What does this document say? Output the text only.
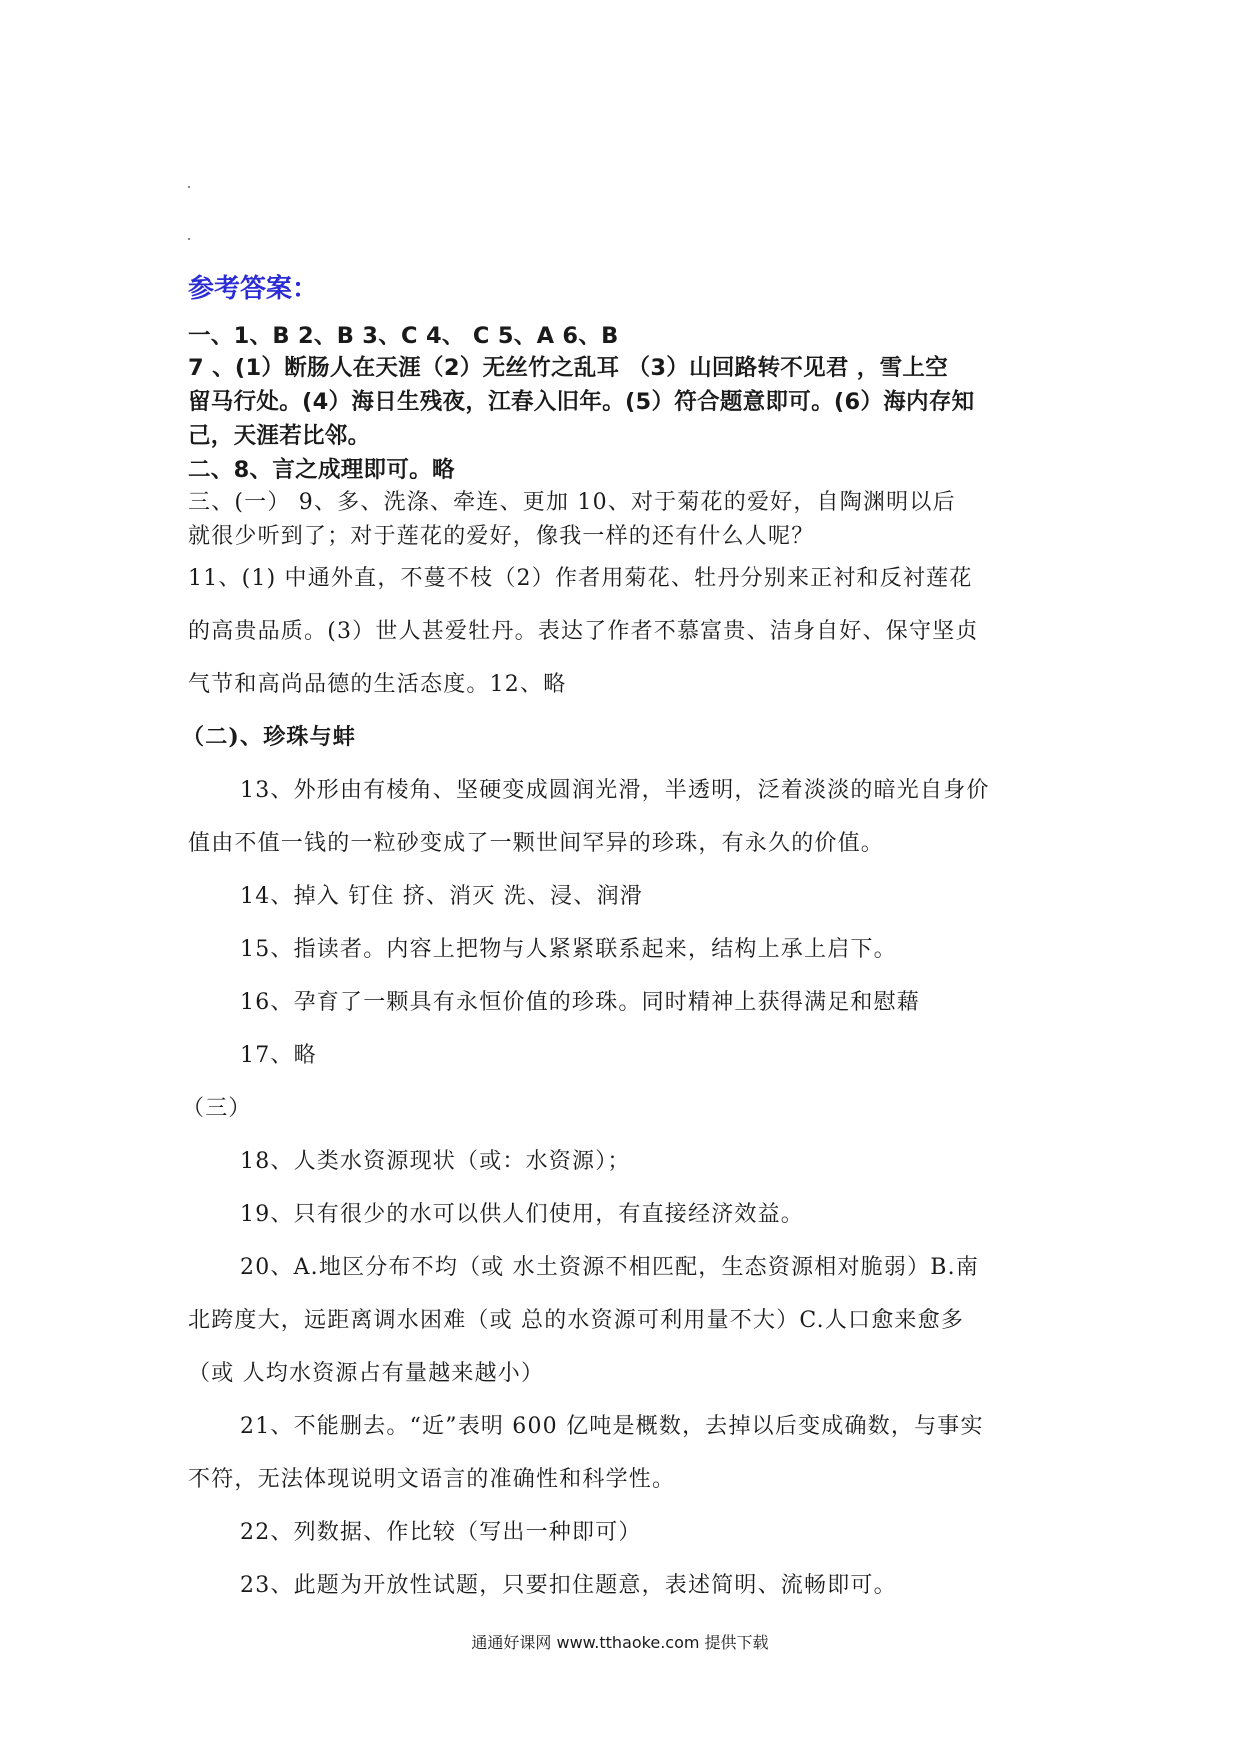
参考答案：
一、1、B 2、B 3、C 4、 C 5、A 6、B
7 、(1）断肠人在天涯（2）无丝竹之乱耳 （3）山回路转不见君 ，雪上空
留马行处。(4）海日生残夜，江春入旧年。(5）符合题意即可。(6）海内存知
己，天涯若比邻。
二、8、言之成理即可。略
三、(一） 9、多、洗涤、牵连、更加 10、对于菊花的爱好，自陶渊明以后
就很少听到了；对于莲花的爱好，像我一样的还有什么人呢？
11、(1) 中通外直，不蔓不枝（2）作者用菊花、牡丹分别来正衬和反衬莲花
的高贵品质。(3）世人甚爱牡丹。表达了作者不慕富贵、洁身自好、保守坚贞
气节和高尚品德的生活态度。12、略
（二)、珍珠与蚌
13、外形由有棱角、坚硬变成圆润光滑，半透明，泛着淡淡的暗光自身价
值由不值一钱的一粒砂变成了一颗世间罕异的珍珠，有永久的价值。
14、掉入 钉住 挤、消灭 洗、浸、润滑
15、指读者。内容上把物与人紧紧联系起来，结构上承上启下。
16、孕育了一颗具有永恒价值的珍珠。同时精神上获得满足和慰藉
17、略
（三）
18、人类水资源现状（或：水资源）；
19、只有很少的水可以供人们使用，有直接经济效益。
20、A.地区分布不均（或 水土资源不相匹配，生态资源相对脆弱）B.南
北跨度大，远距离调水困难（或 总的水资源可利用量不大）C.人口愈来愈多
（或 人均水资源占有量越来越小）
21、不能删去。“近”表明 600 亿吨是概数，去掉以后变成确数，与事实
不符，无法体现说明文语言的准确性和科学性。
22、列数据、作比较（写出一种即可）
23、此题为开放性试题，只要扣住题意，表述简明、流畅即可。
通通好课网 www.tthaoke.com 提供下载
